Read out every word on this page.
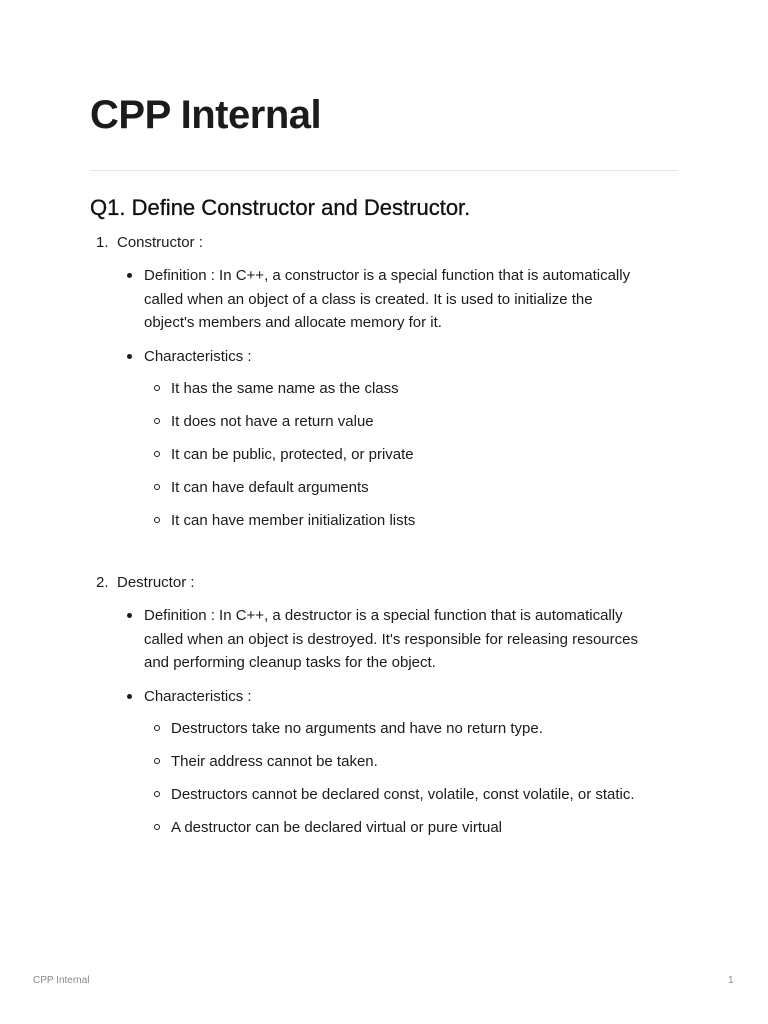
CPP Internal
Q1. Define Constructor and Destructor.
1. Constructor :
Definition : In C++, a constructor is a special function that is automatically
called when an object of a class is created. It is used to initialize the
object's members and allocate memory for it.
Characteristics :
It has the same name as the class
It does not have a return value
It can be public, protected, or private
It can have default arguments
It can have member initialization lists
2. Destructor :
Definition : In C++, a destructor is a special function that is automatically
called when an object is destroyed. It's responsible for releasing resources
and performing cleanup tasks for the object.
Characteristics :
Destructors take no arguments and have no return type.
Their address cannot be taken.
Destructors cannot be declared const, volatile, const volatile, or static.
A destructor can be declared virtual or pure virtual
CPP Internal	1
